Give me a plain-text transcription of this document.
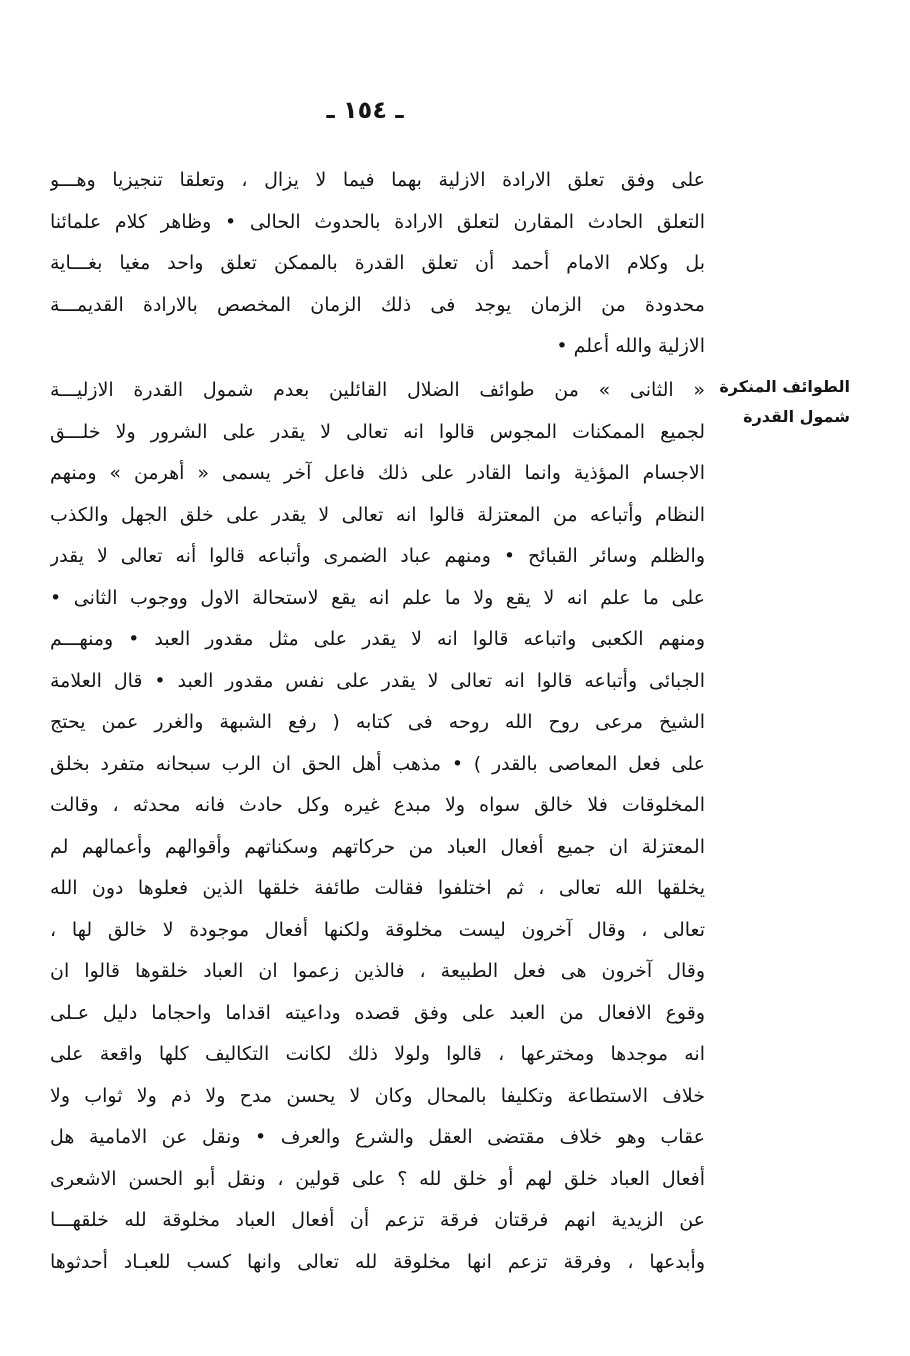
ـ ١٥٤ ـ
الطوائف المنكرة
شمول القدرة
على وفق تعلق الارادة الازلية بهما فيما لا يزال ، وتعلقا تنجيزيا وهـــو
التعلق الحادث المقارن لتعلق الارادة بالحدوث الحالى • وظاهر كلام علمائنا
بل وكلام الامام أحمد أن تعلق القدرة بالممكن تعلق واحد مغيا بغـــاية
محدودة من الزمان يوجد فى ذلك الزمان المخصص بالارادة القديمـــة
الازلية والله أعلم •
« الثانى » من طوائف الضلال القائلين بعدم شمول القدرة الازليـــة
لجميع الممكنات المجوس قالوا انه تعالى لا يقدر على الشرور ولا خلـــق
الاجسام المؤذية وانما القادر على ذلك فاعل آخر يسمى « أهرمن » ومنهم
النظام وأتباعه من المعتزلة قالوا انه تعالى لا يقدر على خلق الجهل والكذب
والظلم وسائر القبائح • ومنهم عباد الضمرى وأتباعه قالوا أنه تعالى لا يقدر
على ما علم انه لا يقع ولا ما علم انه يقع لاستحالة الاول ووجوب الثانى •
ومنهم الكعبى واتباعه قالوا انه لا يقدر على مثل مقدور العبد • ومنهـــم
الجبائى وأتباعه قالوا انه تعالى لا يقدر على نفس مقدور العبد • قال العلامة
الشيخ مرعى روح الله روحه فى كتابه ( رفع الشبهة والغرر عمن يحتج
على فعل المعاصى بالقدر ) • مذهب أهل الحق ان الرب سبحانه متفرد بخلق
المخلوقات فلا خالق سواه ولا مبدع غيره وكل حادث فانه محدثه ، وقالت
المعتزلة ان جميع أفعال العباد من حركاتهم وسكناتهم وأقوالهم وأعمالهم لم
يخلقها الله تعالى ، ثم اختلفوا فقالت طائفة خلقها الذين فعلوها دون الله
تعالى ، وقال آخرون ليست مخلوقة ولكنها أفعال موجودة لا خالق لها ،
وقال آخرون هى فعل الطبيعة ، فالذين زعموا ان العباد خلقوها قالوا ان
وقوع الافعال من العبد على وفق قصده وداعيته اقداما واحجاما دليل عـلى
انه موجدها ومخترعها ، قالوا ولولا ذلك لكانت التكاليف كلها واقعة على
خلاف الاستطاعة وتكليفا بالمحال وكان لا يحسن مدح ولا ذم ولا ثواب ولا
عقاب وهو خلاف مقتضى العقل والشرع والعرف • ونقل عن الامامية هل
أفعال العباد خلق لهم أو خلق لله ؟ على قولين ، ونقل أبو الحسن الاشعرى
عن الزيدية انهم فرقتان فرقة تزعم أن أفعال العباد مخلوقة لله خلقهـــا
وأبدعها ، وفرقة تزعم انها مخلوقة لله تعالى وانها كسب للعبـاد أحدثوها
